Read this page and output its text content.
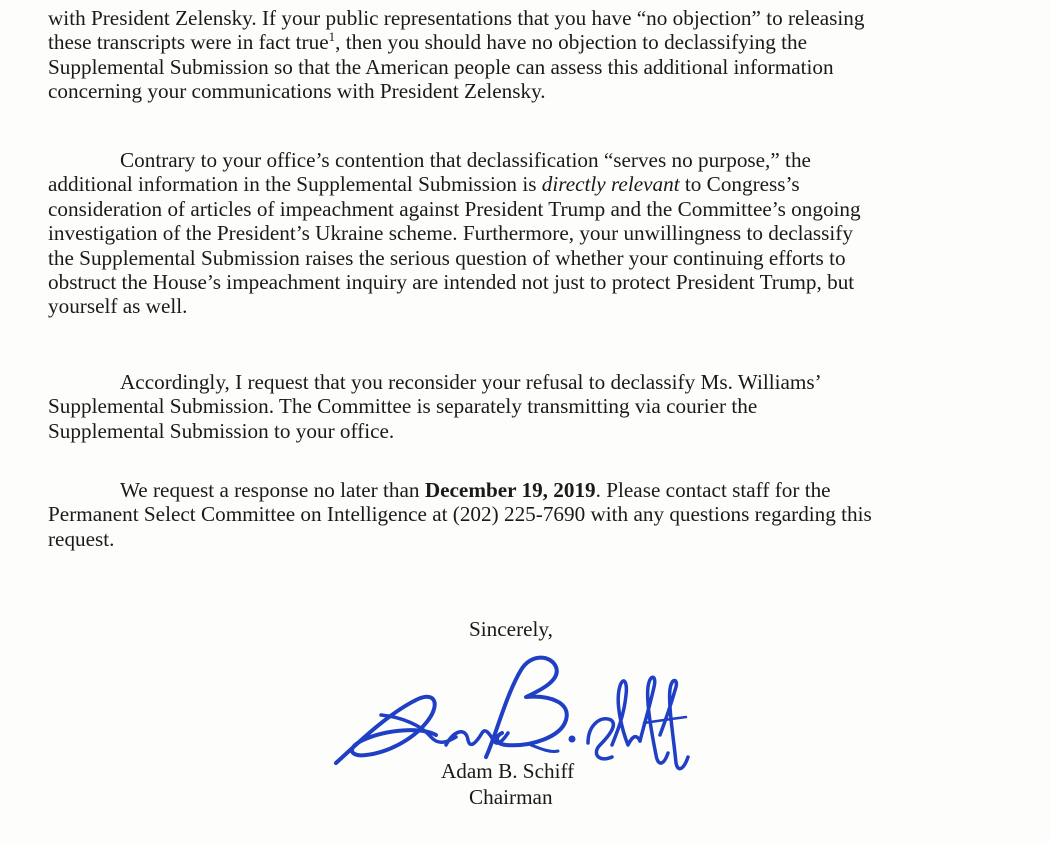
with President Zelensky. If your public representations that you have “no objection” to releasing
these transcripts were in fact true$^1$, then you should have no objection to declassifying the
Supplemental Submission so that the American people can assess this additional information
concerning your communications with President Zelensky.

Contrary to your office’s contention that declassification “serves no purpose,” the
additional information in the Supplemental Submission is directly relevant to Congress’s
consideration of articles of impeachment against President Trump and the Committee’s ongoing
investigation of the President’s Ukraine scheme. Furthermore, your unwillingness to declassify
the Supplemental Submission raises the serious question of whether your continuing efforts to
obstruct the House’s impeachment inquiry are intended not just to protect President Trump, but
yourself as well.

Accordingly, I request that you reconsider your refusal to declassify Ms. Williams’
Supplemental Submission. The Committee is separately transmitting via courier the
Supplemental Submission to your office.

We request a response no later than December 19, 2019. Please contact staff for the
Permanent Select Committee on Intelligence at (202) 225-7690 with any questions regarding this
request.

Sincerely,
Adam B. Schiff
Chairman
